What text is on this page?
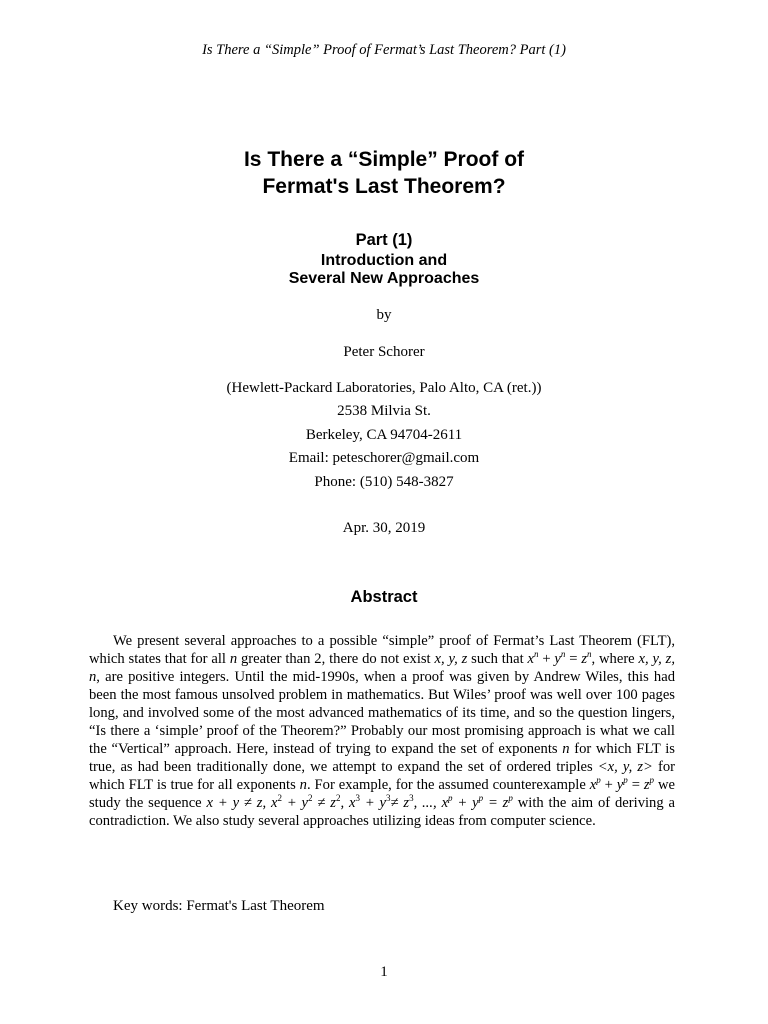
Is There a “Simple” Proof of Fermat’s Last Theorem? Part (1)
Is There a “Simple” Proof of
Fermat's Last Theorem?
Part (1)
Introduction and
Several New Approaches
by
Peter Schorer
(Hewlett-Packard Laboratories, Palo Alto, CA (ret.))
2538 Milvia St.
Berkeley, CA 94704-2611
Email: peteschorer@gmail.com
Phone: (510) 548-3827
Apr. 30, 2019
Abstract

We present several approaches to a possible “simple” proof of Fermat’s Last Theorem (FLT), which states that for all n greater than 2, there do not exist x, y, z such that $x^n + y^n = z^n$, where x, y, z, n, are positive integers. Until the mid-1990s, when a proof was given by Andrew Wiles, this had been the most famous unsolved problem in mathematics. But Wiles’ proof was well over 100 pages long, and involved some of the most advanced mathematics of its time, and so the question lingers, “Is there a ‘simple’ proof of the Theorem?” Probably our most promising approach is what we call the “Vertical” approach. Here, instead of trying to expand the set of exponents n for which FLT is true, as had been traditionally done, we attempt to expand the set of ordered triples <x, y, z> for which FLT is true for all exponents n. For example, for the assumed counterexample $x^p + y^p = z^p$ we study the sequence x + y ≠ z, $x^2 + y^2 \ne z^2$, $x^3 + y^3\ne z^3$, ..., $x^p + y^p = z^p$ with the aim of deriving a contradiction. We also study several approaches utilizing ideas from computer science.

Key words: Fermat's Last Theorem
1
